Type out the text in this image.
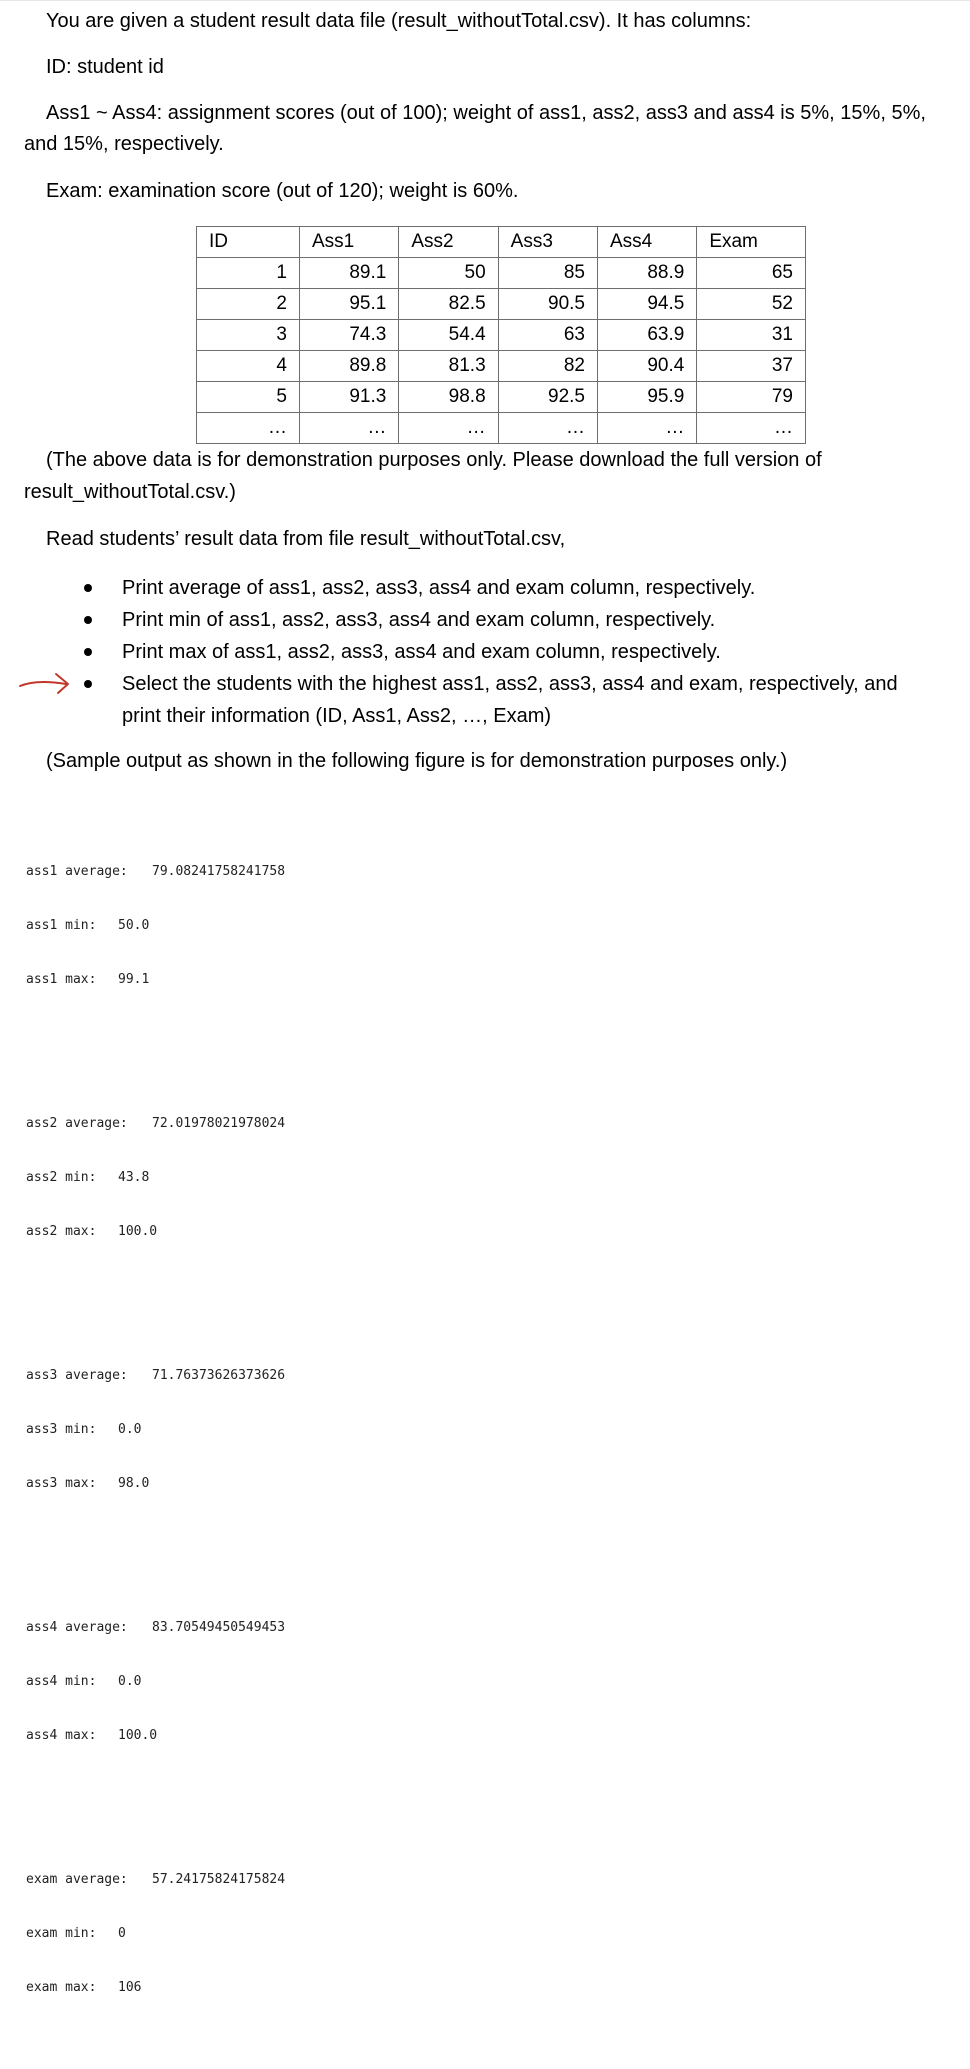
You are given a student result data file (result_withoutTotal.csv). It has columns:
ID: student id
Ass1 ~ Ass4: assignment scores (out of 100); weight of ass1, ass2, ass3 and ass4 is 5%, 15%, 5%,
and 15%, respectively.
Exam: examination score (out of 120); weight is 60%.
ID	Ass1	Ass2	Ass3	Ass4	Exam
1	89.1	50	85	88.9	65
2	95.1	82.5	90.5	94.5	52
3	74.3	54.4	63	63.9	31
4	89.8	81.3	82	90.4	37
5	91.3	98.8	92.5	95.9	79
…	…	…	…	…	…
(The above data is for demonstration purposes only. Please download the full version of
result_withoutTotal.csv.)
Read students’ result data from file result_withoutTotal.csv,
Print average of ass1, ass2, ass3, ass4 and exam column, respectively.
Print min of ass1, ass2, ass3, ass4 and exam column, respectively.
Print max of ass1, ass2, ass3, ass4 and exam column, respectively.
Select the students with the highest ass1, ass2, ass3, ass4 and exam, respectively, and print their information (ID, Ass1, Ass2, …, Exam)
(Sample output as shown in the following figure is for demonstration purposes only.)

ass1 average: 79.08241758241758

ass1 min: 50.0

ass1 max: 99.1

ass2 average: 72.01978021978024

ass2 min: 43.8

ass2 max: 100.0

ass3 average: 71.76373626373626

ass3 min: 0.0

ass3 max: 98.0

ass4 average: 83.70549450549453

ass4 min: 0.0

ass4 max: 100.0

exam average: 57.24175824175824

exam min: 0

exam max: 106
